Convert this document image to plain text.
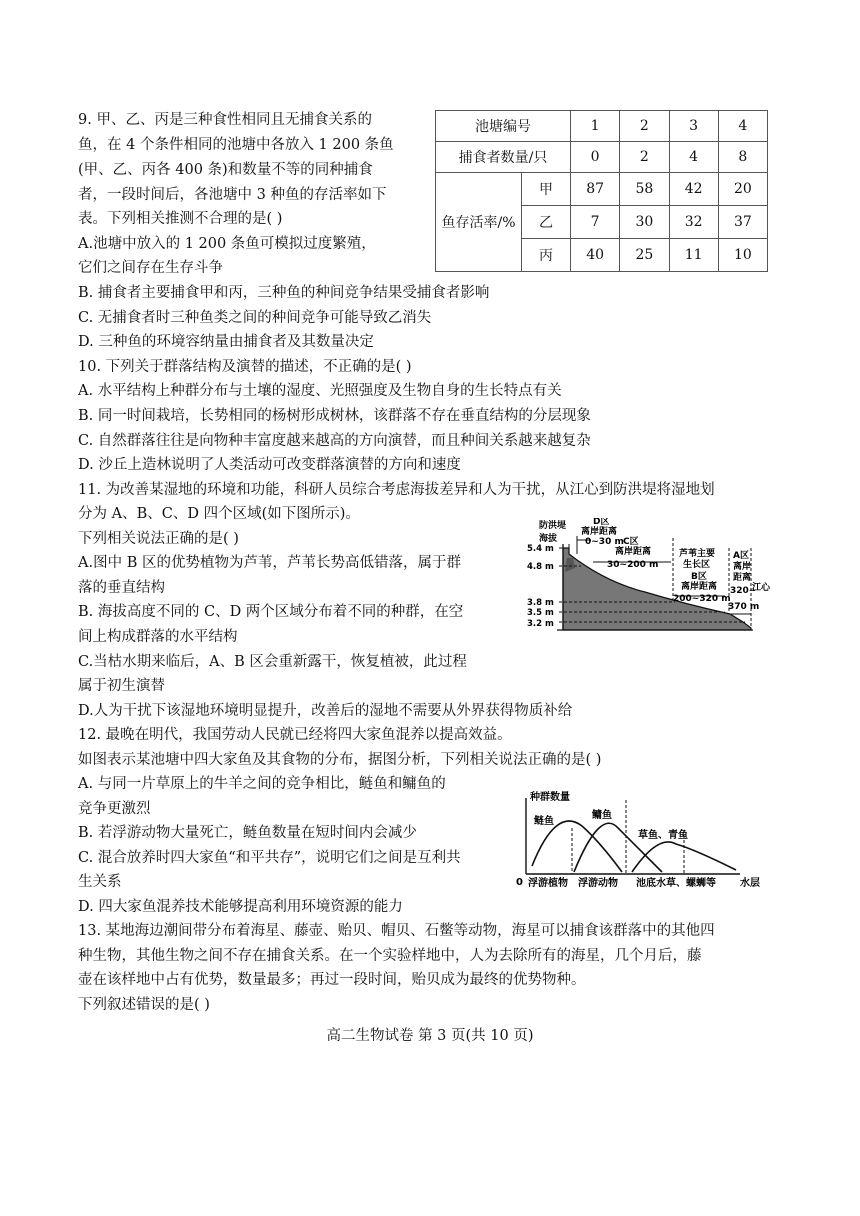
9. 甲、乙、丙是三种食性相同且无捕食关系的
鱼，在 4 个条件相同的池塘中各放入 1 200 条鱼
(甲、乙、丙各 400 条)和数量不等的同种捕食
者，一段时间后，各池塘中 3 种鱼的存活率如下
表。下列相关推测不合理的是( )
A.池塘中放入的 1 200 条鱼可模拟过度繁殖，
它们之间存在生存斗争
B. 捕食者主要捕食甲和丙，三种鱼的种间竞争结果受捕食者影响
C. 无捕食者时三种鱼类之间的种间竞争可能导致乙消失
D. 三种鱼的环境容纳量由捕食者及其数量决定
池塘编号		1	2	3	4
捕食者数量/只		0	2	4	8
鱼存活率/%	甲	87	58	42	20
	乙	7	30	32	37
	丙	40	25	11	10
10. 下列关于群落结构及演替的描述，不正确的是( )
A. 水平结构上种群分布与土壤的湿度、光照强度及生物自身的生长特点有关
B. 同一时间栽培，长势相同的杨树形成树林，该群落不存在垂直结构的分层现象
C. 自然群落往往是向物种丰富度越来越高的方向演替，而且种间关系越来越复杂
D. 沙丘上造林说明了人类活动可改变群落演替的方向和速度
11. 为改善某湿地的环境和功能，科研人员综合考虑海拔差异和人为干扰，从江心到防洪堤将湿地划
分为 A、B、C、D 四个区域(如下图所示)。
下列相关说法正确的是( )
A.图中 B 区的优势植物为芦苇，芦苇长势高低错落，属于群
落的垂直结构
B. 海拔高度不同的 C、D 两个区域分布着不同的种群，在空
间上构成群落的水平结构
C.当枯水期来临后，A、B 区会重新露干，恢复植被，此过程
属于初生演替
D.人为干扰下该湿地环境明显提升，改善后的湿地不需要从外界获得物质补给
防洪堤
海拔
D区
离岸距离
0~30 m C区
离岸距离
30~200 m
芦苇主要
生长区
B区
离岸距离
200~320 m
A区
离岸
距离
320~
370 m
江心
5.4 m
4.8 m
3.8 m
3.5 m
3.2 m
12. 最晚在明代，我国劳动人民就已经将四大家鱼混养以提高效益。
如图表示某池塘中四大家鱼及其食物的分布，据图分析，下列相关说法正确的是( )
A. 与同一片草原上的牛羊之间的竞争相比，鲢鱼和鳙鱼的
竞争更激烈
B. 若浮游动物大量死亡，鲢鱼数量在短时间内会减少
C. 混合放养时四大家鱼“和平共存”，说明它们之间是互利共
生关系
D. 四大家鱼混养技术能够提高利用环境资源的能力
种群数量
0
鲢鱼
鳙鱼
草鱼、青鱼
浮游植物 浮游动物 池底水草、螺蛳等 水层
13. 某地海边潮间带分布着海星、藤壶、贻贝、帽贝、石鳖等动物，海星可以捕食该群落中的其他四
种生物，其他生物之间不存在捕食关系。在一个实验样地中，人为去除所有的海星，几个月后，藤
壶在该样地中占有优势，数量最多；再过一段时间，贻贝成为最终的优势物种。
下列叙述错误的是( )
高二生物试卷 第 3 页(共 10 页)
